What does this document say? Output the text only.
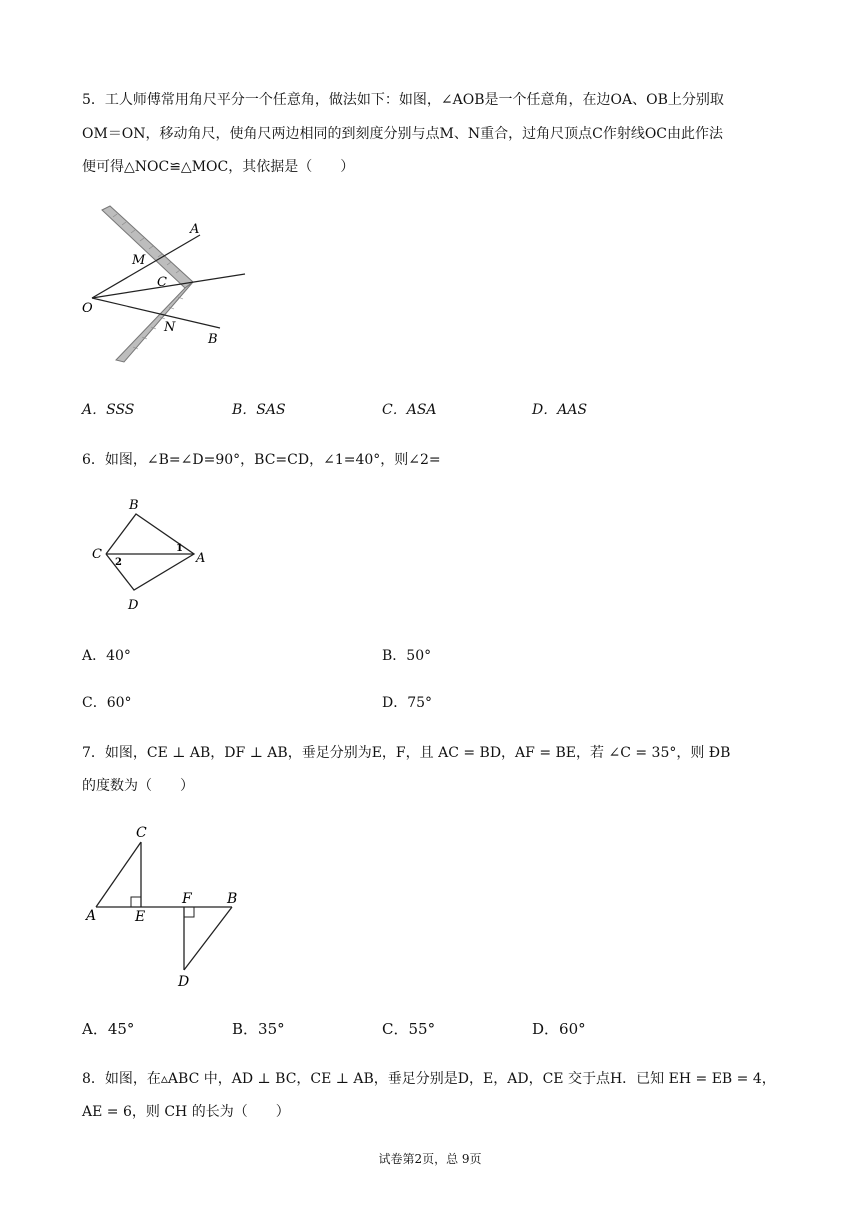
5．工人师傅常用角尺平分一个任意角，做法如下：如图，∠AOB是一个任意角，在边OA、OB上分别取
OM＝ON，移动角尺，使角尺两边相同的到刻度分别与点M、N重合，过角尺顶点C作射线OC由此作法
便可得△NOC≌△MOC，其依据是（　　）
A
M
C
O
N
B
A．SSS	B．SAS	C．ASA	D．AAS
6．如图，∠B=∠D=90°，BC=CD，∠1=40°，则∠2=
B
C	A
D
1
2
A．40°	B．50°
C．60°	D．75°
7．如图，CE ⊥ AB，DF ⊥ AB，垂足分别为E，F，且 AC = BD，AF = BE，若 ∠C = 35°，则 ÐB
的度数为（　　）
C
A	E
F	B
D
A．45°	B．35°	C．55°	D．60°
8．如图，在▵ABC 中，AD ⊥ BC，CE ⊥ AB，垂足分别是D，E，AD，CE 交于点H．已知 EH = EB = 4，
AE = 6，则 CH 的长为（　　）
试卷第2页，总 9页
